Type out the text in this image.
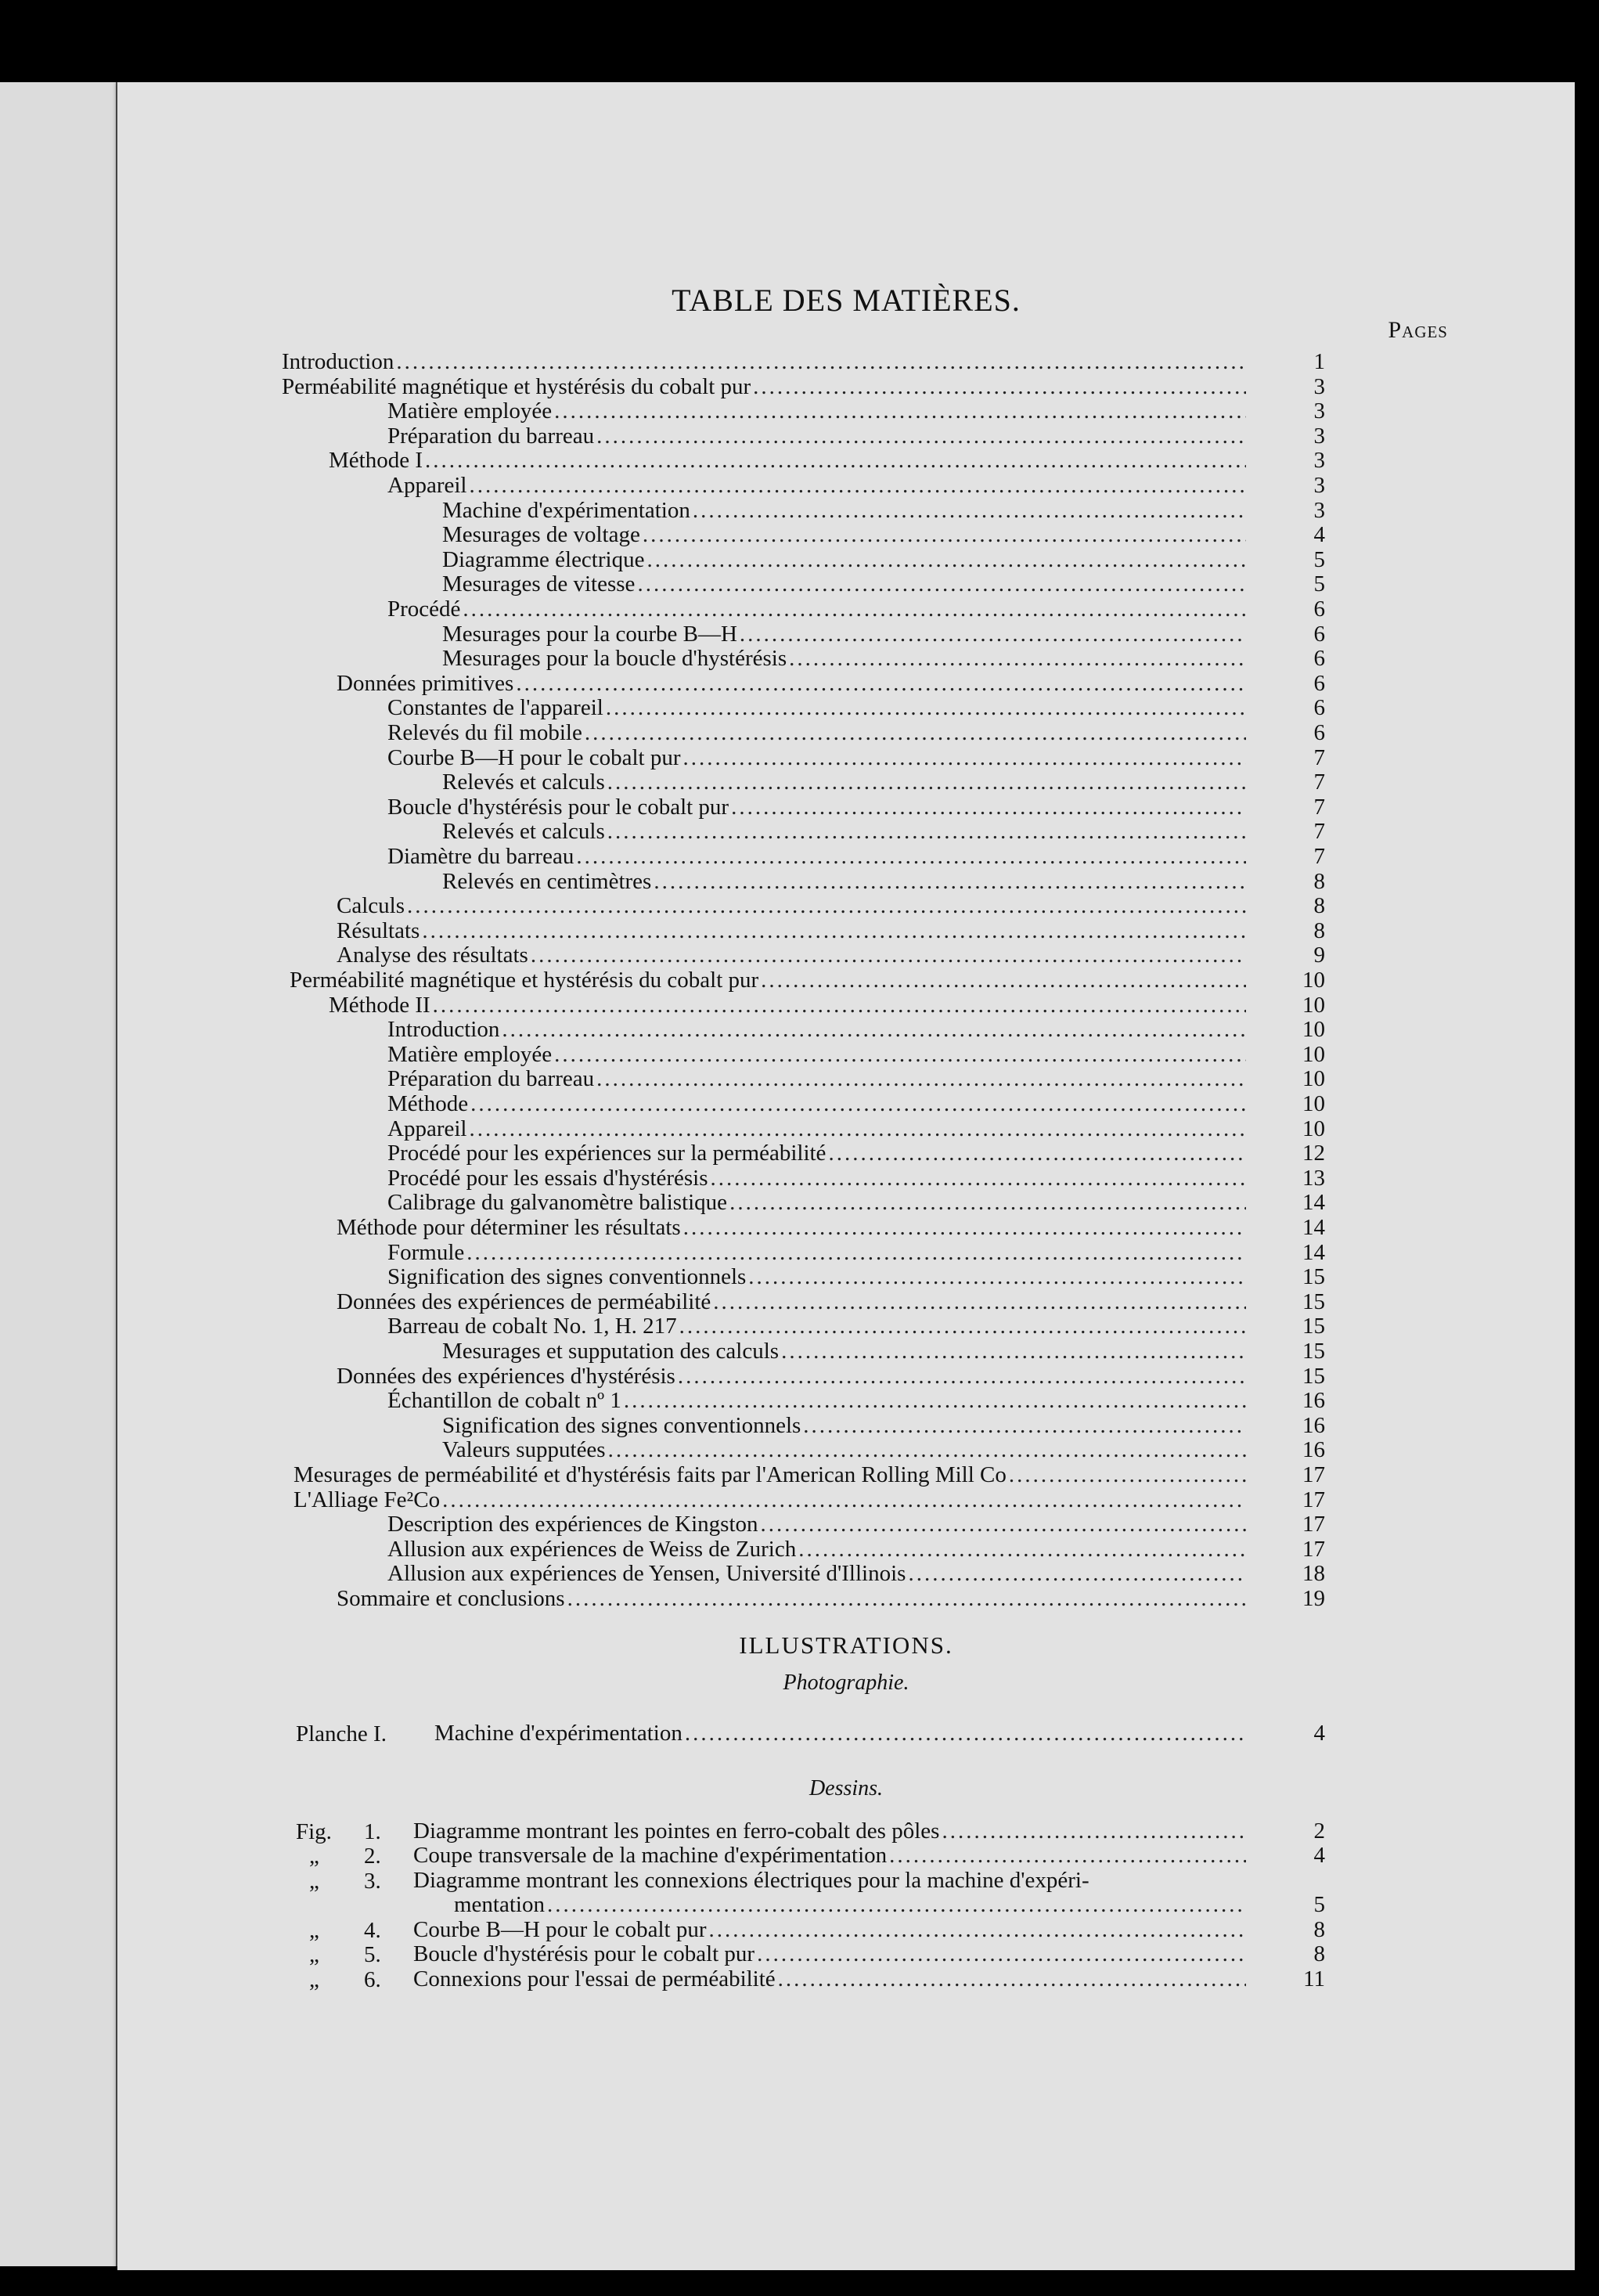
TABLE DES MATIÈRES.
Pages
Introduction .....	1
Perméabilité magnétique et hystérésis du cobalt pur .....	3
Matière employée .....	3
Préparation du barreau .....	3
Méthode I .....	3
Appareil .....	3
Machine d'expérimentation .....	3
Mesurages de voltage .....	4
Diagramme électrique .....	5
Mesurages de vitesse .....	5
Procédé .....	6
Mesurages pour la courbe B—H .....	6
Mesurages pour la boucle d'hystérésis .....	6
Données primitives .....	6
Constantes de l'appareil .....	6
Relevés du fil mobile .....	6
Courbe B—H pour le cobalt pur .....	7
Relevés et calculs .....	7
Boucle d'hystérésis pour le cobalt pur .....	7
Relevés et calculs .....	7
Diamètre du barreau .....	7
Relevés en centimètres .....	8
Calculs .....	8
Résultats .....	8
Analyse des résultats .....	9
Perméabilité magnétique et hystérésis du cobalt pur .....	10
Méthode II .....	10
Introduction .....	10
Matière employée .....	10
Préparation du barreau .....	10
Méthode .....	10
Appareil .....	10
Procédé pour les expériences sur la perméabilité .....	12
Procédé pour les essais d'hystérésis .....	13
Calibrage du galvanomètre balistique .....	14
Méthode pour déterminer les résultats .....	14
Formule .....	14
Signification des signes conventionnels .....	15
Données des expériences de perméabilité .....	15
Barreau de cobalt No. 1, H. 217 .....	15
Mesurages et supputation des calculs .....	15
Données des expériences d'hystérésis .....	15
Échantillon de cobalt nº 1 .....	16
Signification des signes conventionnels .....	16
Valeurs supputées .....	16
Mesurages de perméabilité et d'hystérésis faits par l'American Rolling Mill Co .....	17
L'Alliage Fe²Co .....	17
Description des expériences de Kingston .....	17
Allusion aux expériences de Weiss de Zurich .....	17
Allusion aux expériences de Yensen, Université d'Illinois .....	18
Sommaire et conclusions .....	19
ILLUSTRATIONS.
Photographie.
Planche I. Machine d'expérimentation .....	4
Dessins.
Fig. 1. Diagramme montrant les pointes en ferro-cobalt des pôles .....	2
„ 2. Coupe transversale de la machine d'expérimentation .....	4
„ 3. Diagramme montrant les connexions électriques pour la machine d'expéri-
mentation .....	5
„ 4. Courbe B—H pour le cobalt pur .....	8
„ 5. Boucle d'hystérésis pour le cobalt pur .....	8
„ 6. Connexions pour l'essai de perméabilité .....	11
